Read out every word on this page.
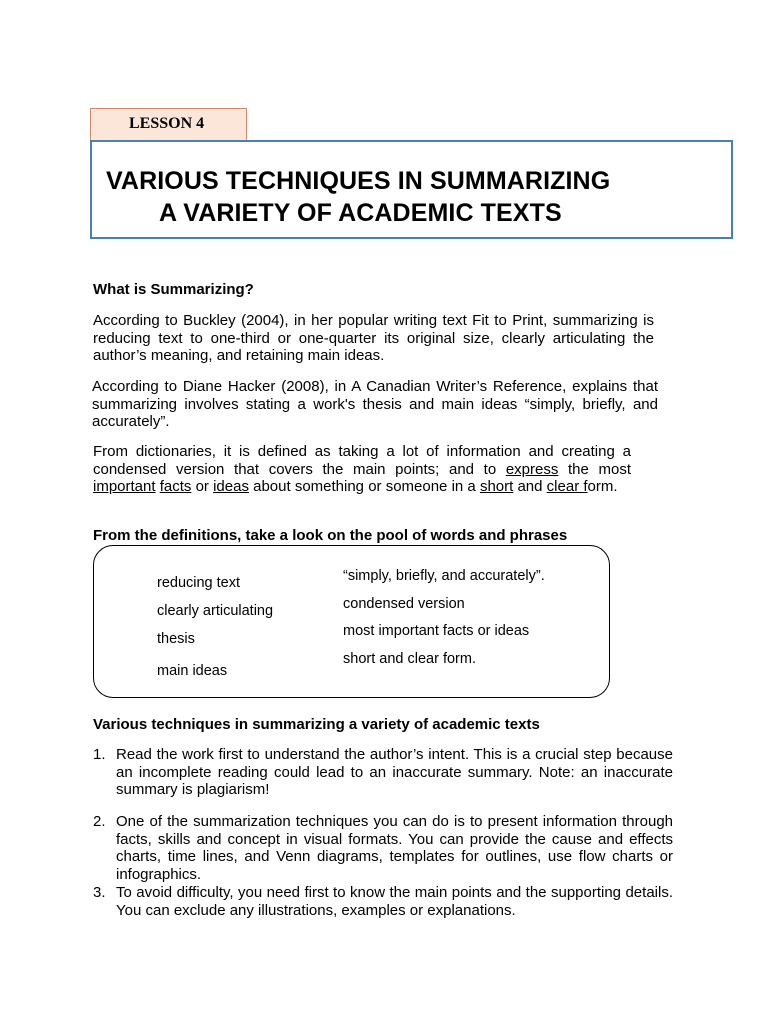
LESSON 4
VARIOUS TECHNIQUES IN SUMMARIZING
A VARIETY OF ACADEMIC TEXTS
What is Summarizing?
According to Buckley (2004), in her popular writing text Fit to Print, summarizing is reducing text to one-third or one-quarter its original size, clearly articulating the author’s meaning, and retaining main ideas.
According to Diane Hacker (2008), in A Canadian Writer’s Reference, explains that summarizing involves stating a work's thesis and main ideas “simply, briefly, and accurately”.
From dictionaries, it is defined as taking a lot of information and creating a condensed version that covers the main points; and to express the most important facts or ideas about something or someone in a short and clear form.
From the definitions, take a look on the pool of words and phrases
reducing text
clearly articulating
thesis
main ideas
“simply, briefly, and accurately”.
condensed version
most important facts or ideas
short and clear form.
Various techniques in summarizing a variety of academic texts
1. Read the work first to understand the author’s intent. This is a crucial step because an incomplete reading could lead to an inaccurate summary. Note: an inaccurate summary is plagiarism!
2. One of the summarization techniques you can do is to present information through facts, skills and concept in visual formats. You can provide the cause and effects charts, time lines, and Venn diagrams, templates for outlines, use flow charts or infographics.
3. To avoid difficulty, you need first to know the main points and the supporting details. You can exclude any illustrations, examples or explanations.
